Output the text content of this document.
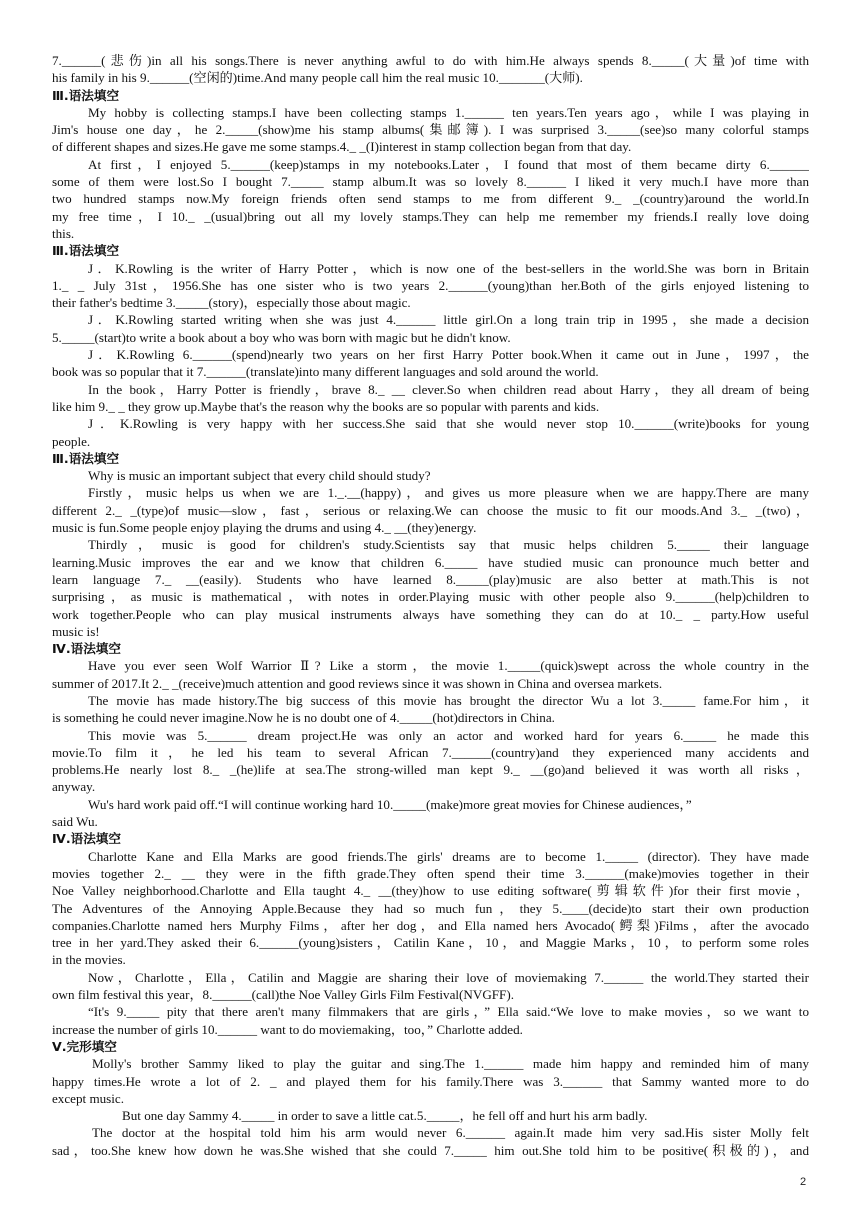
7.______(悲伤)in all his songs.There is never anything awful to do with him.He always spends 8._____(大量)of time with
his family in his 9.______(空闲的)time.And many people call him the real music 10._______(大师).
Ⅲ.语法填空
My hobby is collecting stamps.I have been collecting stamps 1.______ ten years.Ten years ago，while I was playing in
Jim's house one day，he 2._____(show)me his stamp albums(集邮簿). I was surprised 3._____(see)so many colorful stamps
of different shapes and sizes.He gave me some stamps.4._ _(I)interest in stamp collection began from that day.
At first，I enjoyed 5.______(keep)stamps in my notebooks.Later，I found that most of them became dirty 6.______
some of them were lost.So I bought 7._____ stamp album.It was so lovely 8.______ I liked it very much.I have more than
two hundred stamps now.My foreign friends often send stamps to me from different 9._ _(country)around the world.In
my free time，I 10._ _(usual)bring out all my lovely stamps.They can help me remember my friends.I really love doing
this.
Ⅲ.语法填空
J．K.Rowling is the writer of Harry Potter，which is now one of the best-sellers in the world.She was born in Britain
1._ _ July 31st，1956.She has one sister who is two years 2.______(young)than her.Both of the girls enjoyed listening to
their father's bedtime 3._____(story)，especially those about magic.
J．K.Rowling started writing when she was just 4.______ little girl.On a long train trip in 1995，she made a decision
5._____(start)to write a book about a boy who was born with magic but he didn't know.
J．K.Rowling 6.______(spend)nearly two years on her first Harry Potter book.When it came out in June，1997，the
book was so popular that it 7.______(translate)into many different languages and sold around the world.
In the book，Harry Potter is friendly，brave 8._ __ clever.So when children read about Harry，they all dream of being
like him 9._ _ they grow up.Maybe that's the reason why the books are so popular with parents and kids.
J．K.Rowling is very happy with her success.She said that she would never stop 10.______(write)books for young
people.
Ⅲ.语法填空
Why is music an important subject that every child should study?
Firstly，music helps us when we are 1._.__(happy)，and gives us more pleasure when we are happy.There are many
different 2._ _(type)of music—slow，fast，serious or relaxing.We can choose the music to fit our moods.And 3._ _(two)，
music is fun.Some people enjoy playing the drums and using 4._ __(they)energy.
Thirdly，music is good for children's study.Scientists say that music helps children 5._____ their language
learning.Music improves the ear and we know that children 6._____ have studied music can pronounce much better and
learn language 7._ __(easily). Students who have learned 8._____(play)music are also better at math.This is not
surprising，as music is mathematical，with notes in order.Playing music with other people also 9.______(help)children to
work together.People who can play musical instruments always have something they can do at 10._ _ party.How useful
music is!
Ⅳ.语法填空
Have you ever seen Wolf Warrior Ⅱ? Like a storm，the movie 1._____(quick)swept across the whole country in the
summer of 2017.It 2._ _(receive)much attention and good reviews since it was shown in China and oversea markets.
The movie has made history.The big success of this movie has brought the director Wu a lot 3._____ fame.For him，it
is something he could never imagine.Now he is no doubt one of 4._____(hot)directors in China.
This movie was 5.______ dream project.He was only an actor and worked hard for years 6._____ he made this
movie.To film it，he led his team to several African 7.______(country)and they experienced many accidents and
problems.He nearly lost 8._ _(he)life at sea.The strong-willed man kept 9._ __(go)and believed it was worth all risks，
anyway.
Wu's hard work paid off.“I will continue working hard 10._____(make)more great movies for Chinese audiences，”
said Wu.
Ⅳ.语法填空
Charlotte Kane and Ella Marks are good friends.The girls' dreams are to become 1._____ (director). They have made
movies together 2._ __ they were in the fifth grade.They often spend their time 3.______(make)movies together in their
Noe Valley neighborhood.Charlotte and Ella taught 4._ __(they)how to use editing software(剪辑软件)for their first movie，
The Adventures of the Annoying Apple.Because they had so much fun，they 5.____(decide)to start their own production
companies.Charlotte named hers Murphy Films，after her dog，and Ella named hers Avocado(鳄梨)Films，after the avocado
tree in her yard.They asked their 6.______(young)sisters，Catilin Kane，10，and Maggie Marks，10，to perform some roles
in the movies.
Now，Charlotte，Ella，Catilin and Maggie are sharing their love of moviemaking 7.______ the world.They started their
own film festival this year，8.______(call)the Noe Valley Girls Film Festival(NVGFF).
“It's 9._____ pity that there aren't many filmmakers that are girls，” Ella said.“We love to make movies，so we want to
increase the number of girls 10.______ want to do moviemaking，too，” Charlotte added.
Ⅴ.完形填空
Molly's brother Sammy liked to play the guitar and sing.The 1.______ made him happy and reminded him of many
happy times.He wrote a lot of 2. _ and played them for his family.There was 3.______ that Sammy wanted more to do
except music.
But one day Sammy 4._____ in order to save a little cat.5._____，he fell off and hurt his arm badly.
The doctor at the hospital told him his arm would never 6.______ again.It made him very sad.His sister Molly felt
sad，too.She knew how down he was.She wished that she could 7._____ him out.She told him to be positive(积极的)，and
2
